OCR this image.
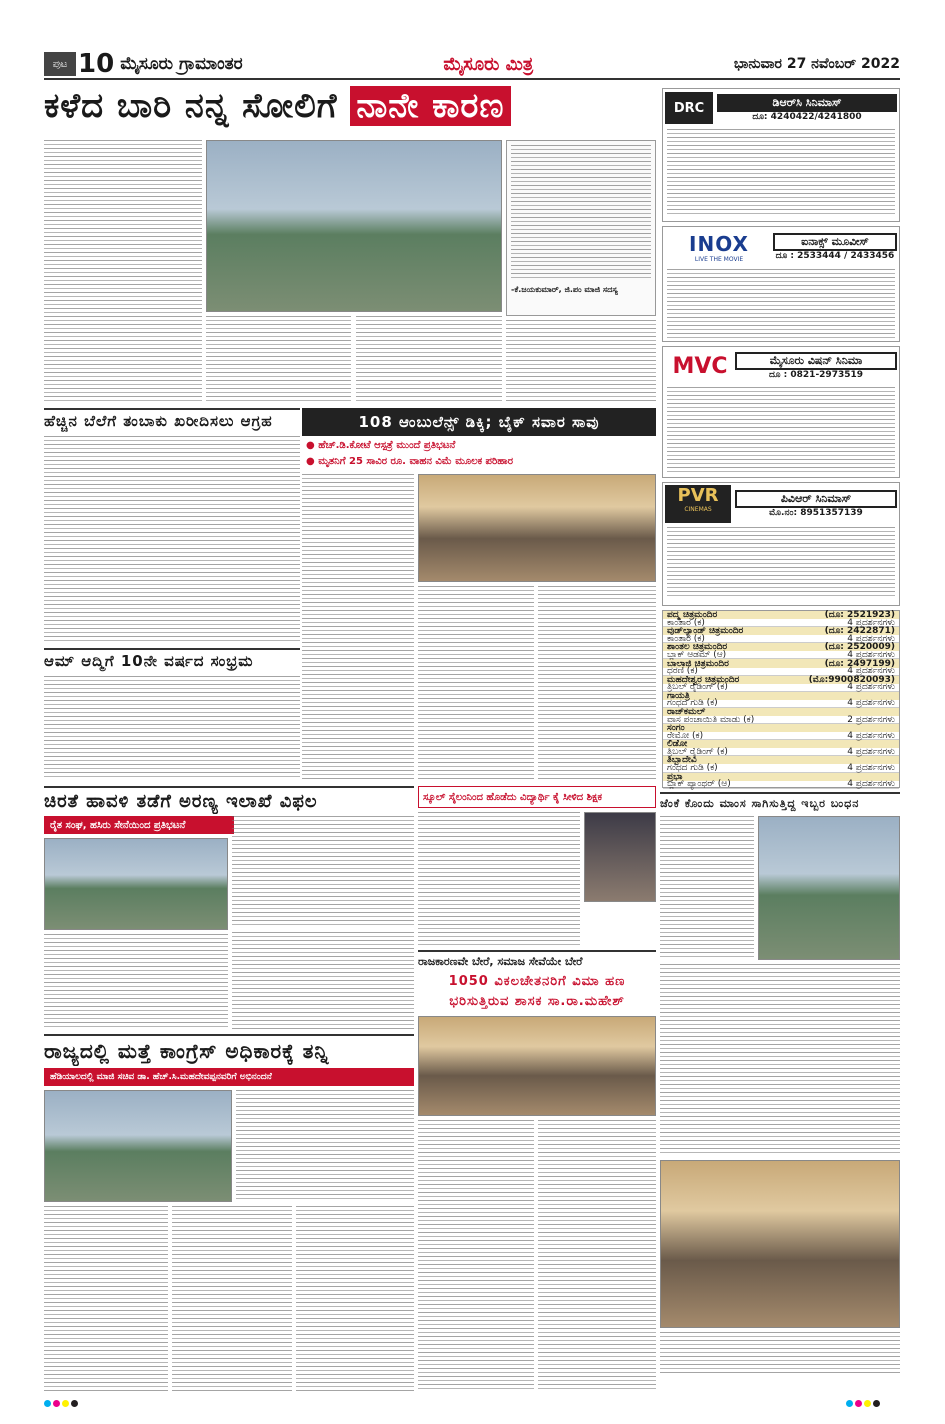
ಪುಟ 10 ಮೈಸೂರು ಗ್ರಾಮಾಂತರ	ಮೈಸೂರು ಮಿತ್ರ	ಭಾನುವಾರ 27 ನವೆಂಬರ್ 2022
ಕಳೆದ ಬಾರಿ ನನ್ನ ಸೋಲಿಗೆ ನಾನೇ ಕಾರಣ
-ಕೆ.ಜಯಕುಮಾರ್, ಜಿ.ಪಂ ಮಾಜಿ ಸದಸ್ಯ
ಹೆಚ್ಚಿನ ಬೆಲೆಗೆ ತಂಬಾಕು ಖರೀದಿಸಲು ಆಗ್ರಹ
ಆಮ್ ಆದ್ಮಿಗೆ 10ನೇ ವರ್ಷದ ಸಂಭ್ರಮ
108 ಆಂಬುಲೆನ್ಸ್ ಡಿಕ್ಕಿ; ಬೈಕ್ ಸವಾರ ಸಾವು
● ಹೆಚ್.ಡಿ.ಕೋಟೆ ಆಸ್ಪತ್ರೆ ಮುಂದೆ ಪ್ರತಿಭಟನೆ
● ಮೃತನಿಗೆ 25 ಸಾವಿರ ರೂ. ವಾಹನ ವಿಮೆ ಮೂಲಕ ಪರಿಹಾರ
ಚಿರತೆ ಹಾವಳಿ ತಡೆಗೆ ಅರಣ್ಯ ಇಲಾಖೆ ವಿಫಲ
ರೈತ ಸಂಘ, ಹಸಿರು ಸೇನೆಯಿಂದ ಪ್ರತಿಭಟನೆ
ಸ್ಕೂಲ್ ಸೈಲಂನಿಂದ ಹೊಡೆದು ವಿದ್ಯಾರ್ಥಿ ಕೈ ಸೀಳಿದ ಶಿಕ್ಷಕ
ರಾಜಕಾರಣವೇ ಬೇರೆ, ಸಮಾಜ ಸೇವೆಯೇ ಬೇರೆ
1050 ವಿಕಲಚೇತನರಿಗೆ ವಿಮಾ ಹಣ ಭರಿಸುತ್ತಿರುವ ಶಾಸಕ ಸಾ.ರಾ.ಮಹೇಶ್
ರಾಜ್ಯದಲ್ಲಿ ಮತ್ತೆ ಕಾಂಗ್ರೆಸ್ ಅಧಿಕಾರಕ್ಕೆ ತನ್ನಿ
ಹೆಡಿಯಾಲದಲ್ಲಿ ಮಾಜಿ ಸಚಿವ ಡಾ. ಹೆಚ್.ಸಿ.ಮಹದೇವಪ್ಪನವರಿಗೆ ಅಭಿನಂದನೆ
DRC	ಡಿಆರ್‌ಸಿ ಸಿನಿಮಾಸ್
ದೂ: 4240422/4241800
INOX
LIVE THE MOVIE
ಐನಾಕ್ಸ್ ಮೂವೀಸ್
ದೂ : 2533444 / 2433456
MVC	ಮೈಸೂರು ವಿಷನ್ ಸಿನಿಮಾ
ದೂ : 0821-2973519
PVR
CINEMAS
ಪಿವಿಆರ್ ಸಿನಿಮಾಸ್
ಮೊ.ನಂ: 8951357139
ಪದ್ಮ ಚಿತ್ರಮಂದಿರ	(ದೂ: 2521923)
ಕಾಂತಾರ (ಕ)	4 ಪ್ರದರ್ಶನಗಳು
ವುಡ್‌ಲ್ಯಾಂಡ್ ಚಿತ್ರಮಂದಿರ	(ದೂ: 2422871)
ಕಾಂತಾರ (ಕ)	4 ಪ್ರದರ್ಶನಗಳು
ಶಾಂತಲ ಚಿತ್ರಮಂದಿರ	(ದೂ: 2520009)
ಬ್ಲಾಕ್ ಆಡಮ್ (ಆ)	4 ಪ್ರದರ್ಶನಗಳು
ಬಾಲಾಜಿ ಚಿತ್ರಮಂದಿರ	(ದೂ: 2497199)
ಧರಣಿ (ಕ)	4 ಪ್ರದರ್ಶನಗಳು
ಮಹದೇಶ್ವರ ಚಿತ್ರಮಂದಿರ	(ಮೊ:9900820093)
ತ್ರಿಬಲ್ ರೈಡಿಂಗ್ (ಕ)	4 ಪ್ರದರ್ಶನಗಳು
ಗಾಯತ್ರಿ
ಗಂಧದ ಗುಡಿ (ಕ)	4 ಪ್ರದರ್ಶನಗಳು
ರಾಜ್‌ಕಮಲ್
ವಾಸ ಪಂಚಾಯಿತಿ ಮಾಡು (ಕ)	2 ಪ್ರದರ್ಶನಗಳು
ಸಂಗಂ
ರೇಮೋ (ಕ)	4 ಪ್ರದರ್ಶನಗಳು
ಲಿಡೋ
ತ್ರಿಬಲ್ ರೈಡಿಂಗ್ (ಕ)	4 ಪ್ರದರ್ಶನಗಳು
ತಿಬ್ಬಾದೇವಿ
ಗಂಧದ ಗುಡಿ (ಕ)	4 ಪ್ರದರ್ಶನಗಳು
ಪ್ರಭಾ
ಬ್ಲಾಕ್ ಪ್ಯಾಂಥರ್ (ಆ)	4 ಪ್ರದರ್ಶನಗಳು
ಜೆಂಕೆ ಕೊಂದು ಮಾಂಸ ಸಾಗಿಸುತ್ತಿದ್ದ ಇಬ್ಬರ ಬಂಧನ
